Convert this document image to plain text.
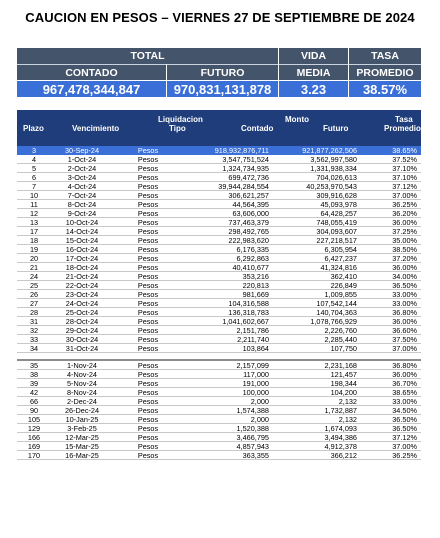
CAUCION EN PESOS – VIERNES 27 DE SEPTIEMBRE DE 2024
TOTAL	VIDA	TASA
CONTADO	FUTURO	MEDIA	PROMEDIO
967,478,344,847	970,831,131,878	3.23	38.57%
Plazo	Vencimiento
Liquidacion
Tipo
Monto
Contado	Futuro
Tasa
Promedio
3	30-Sep-24	Pesos	918,932,876,711	921,877,262,506	38.65%
4	1-Oct-24	Pesos	3,547,751,524	3,562,997,580	37.52%
5	2-Oct-24	Pesos	1,324,734,935	1,331,938,334	37.10%
6	3-Oct-24	Pesos	699,472,736	704,026,613	37.10%
7	4-Oct-24	Pesos	39,944,284,554	40,253,970,543	37.12%
10	7-Oct-24	Pesos	306,621,257	309,916,628	37.00%
11	8-Oct-24	Pesos	44,564,395	45,093,978	36.25%
12	9-Oct-24	Pesos	63,606,000	64,428,257	36.20%
13	10-Oct-24	Pesos	737,463,379	748,055,419	36.00%
17	14-Oct-24	Pesos	298,492,765	304,093,607	37.25%
18	15-Oct-24	Pesos	222,983,620	227,218,517	35.00%
19	16-Oct-24	Pesos	6,176,335	6,305,954	38.50%
20	17-Oct-24	Pesos	6,292,863	6,427,237	37.20%
21	18-Oct-24	Pesos	40,410,677	41,324,816	36.00%
24	21-Oct-24	Pesos	353,216	362,410	34.00%
25	22-Oct-24	Pesos	220,813	226,849	36.50%
26	23-Oct-24	Pesos	981,669	1,009,855	33.00%
27	24-Oct-24	Pesos	104,316,588	107,542,144	33.00%
28	25-Oct-24	Pesos	136,318,783	140,704,363	36.80%
31	28-Oct-24	Pesos	1,041,602,667	1,078,766,929	36.00%
32	29-Oct-24	Pesos	2,151,786	2,226,760	36.60%
33	30-Oct-24	Pesos	2,211,740	2,285,440	37.50%
34	31-Oct-24	Pesos	103,864	107,750	37.00%
35	1-Nov-24	Pesos	2,157,099	2,231,168	36.80%
38	4-Nov-24	Pesos	117,000	121,457	36.00%
39	5-Nov-24	Pesos	191,000	198,344	36.70%
42	8-Nov-24	Pesos	100,000	104,200	38.65%
66	2-Dec-24	Pesos	2,000	2,132	33.00%
90	26-Dec-24	Pesos	1,574,388	1,732,887	34.50%
105	10-Jan-25	Pesos	2,000	2,132	36.50%
129	3-Feb-25	Pesos	1,520,388	1,674,093	36.50%
166	12-Mar-25	Pesos	3,466,795	3,494,386	37.12%
169	15-Mar-25	Pesos	4,857,943	4,912,378	37.00%
170	16-Mar-25	Pesos	363,355	366,212	36.25%
